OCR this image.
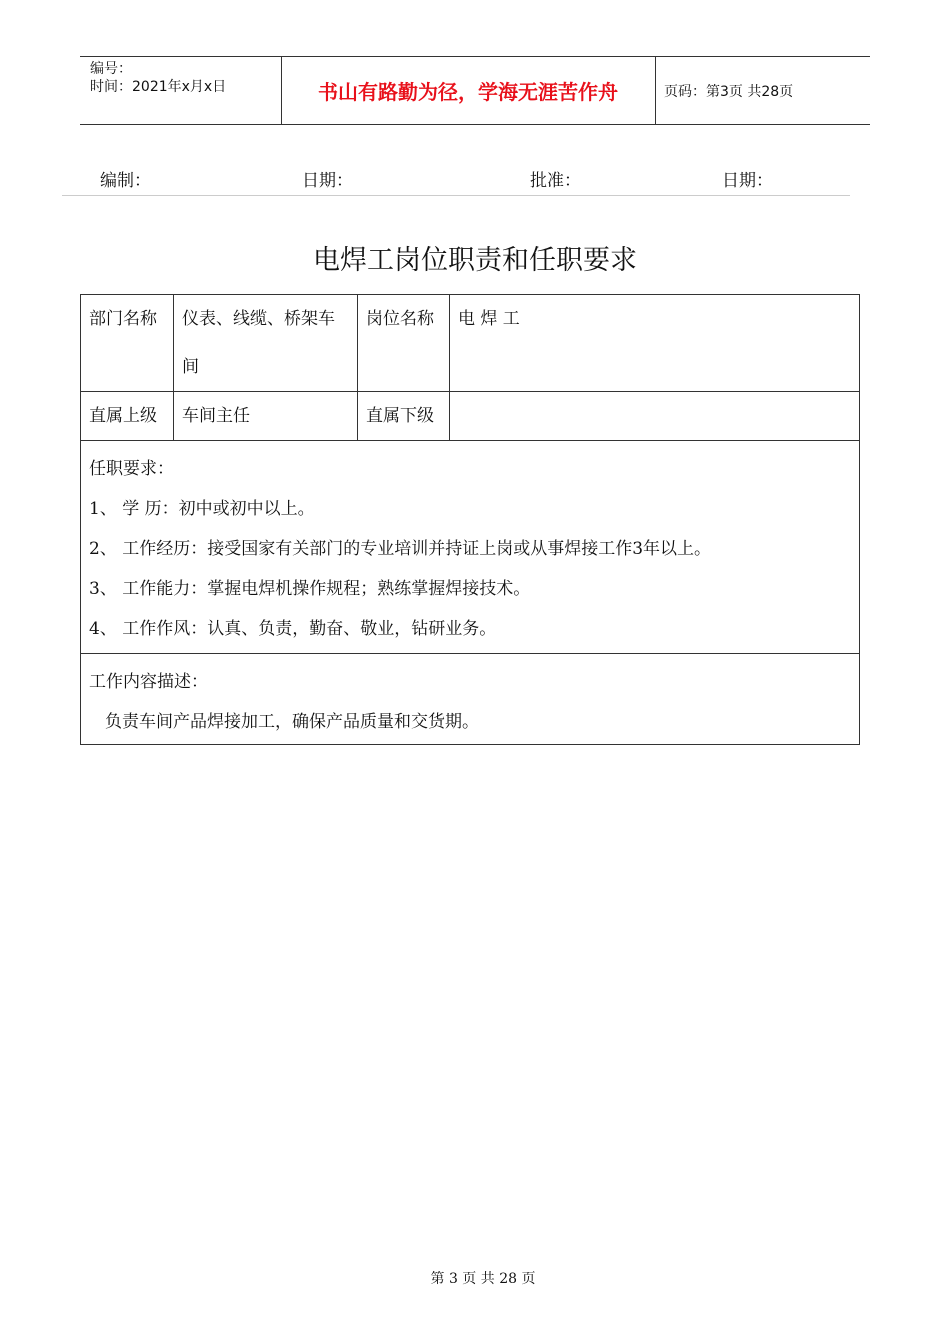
编号：
时间：2021年x月x日	书山有路勤为径，学海无涯苦作舟	页码：第3页 共28页
编制：	日期：	批准：	日期：
电焊工岗位职责和任职要求
部门名称	仪表、线缆、桥架车间	岗位名称	电 焊 工
直属上级	车间主任	直属下级	

任职要求：
1、 学 历：初中或初中以上。
2、 工作经历：接受国家有关部门的专业培训并持证上岗或从事焊接工作3年以上。
3、 工作能力：掌握电焊机操作规程；熟练掌握焊接技术。
4、 工作作风：认真、负责，勤奋、敬业，钻研业务。			

工作内容描述：
负责车间产品焊接加工，确保产品质量和交货期。			
第 3 页 共 28 页
